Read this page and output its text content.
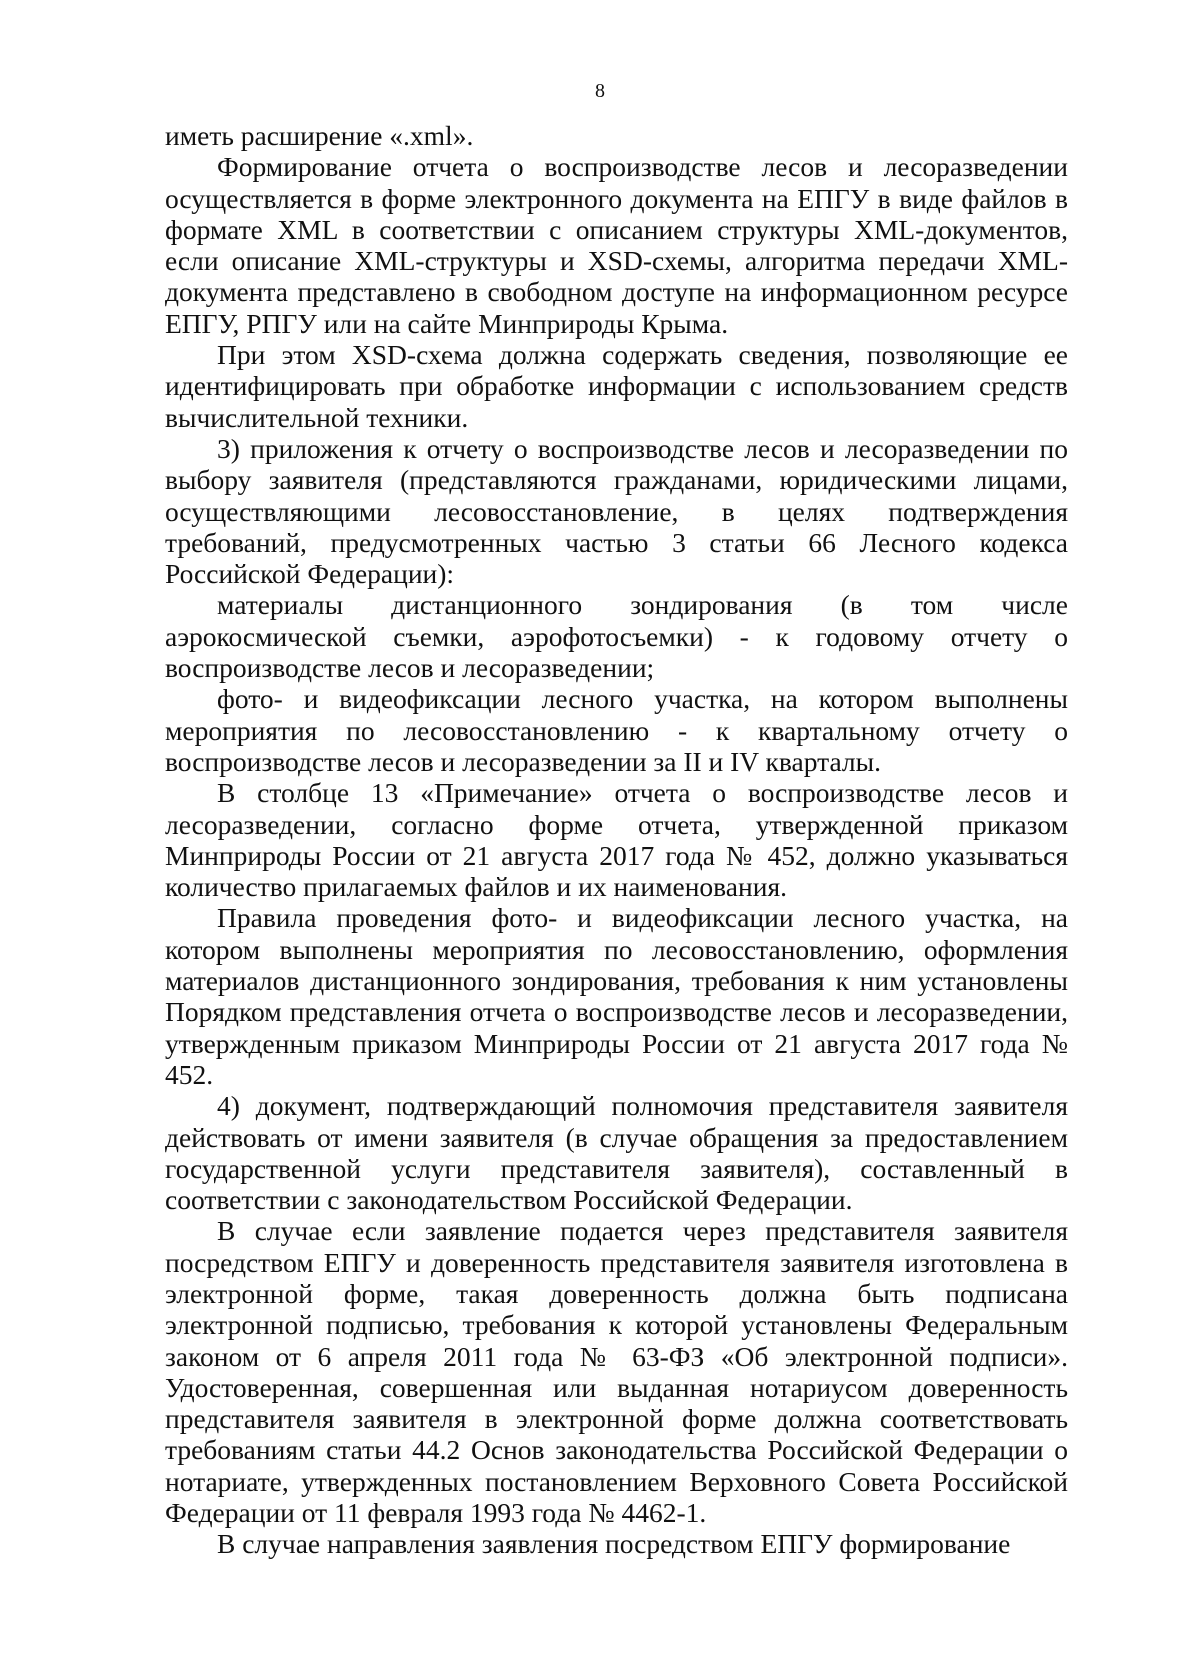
8

иметь расширение «.xml».

Формирование отчета о воспроизводстве лесов и лесоразведении осуществляется в форме электронного документа на ЕПГУ в виде файлов в формате XML в соответствии с описанием структуры XML-документов, если описание XML-структуры и XSD-схемы, алгоритма передачи XML-документа представлено в свободном доступе на информационном ресурсе ЕПГУ, РПГУ или на сайте Минприроды Крыма.

При этом XSD-схема должна содержать сведения, позволяющие ее идентифицировать при обработке информации с использованием средств вычислительной техники.

3) приложения к отчету о воспроизводстве лесов и лесоразведении по выбору заявителя (представляются гражданами, юридическими лицами, осуществляющими лесовосстановление, в целях подтверждения требований, предусмотренных частью 3 статьи 66 Лесного кодекса Российской Федерации):

материалы дистанционного зондирования (в том числе аэрокосмической съемки, аэрофотосъемки) - к годовому отчету о воспроизводстве лесов и лесоразведении;

фото- и видеофиксации лесного участка, на котором выполнены мероприятия по лесовосстановлению - к квартальному отчету о воспроизводстве лесов и лесоразведении за II и IV кварталы.

В столбце 13 «Примечание» отчета о воспроизводстве лесов и лесоразведении, согласно форме отчета, утвержденной приказом Минприроды России от 21 августа 2017 года № 452, должно указываться количество прилагаемых файлов и их наименования.

Правила проведения фото- и видеофиксации лесного участка, на котором выполнены мероприятия по лесовосстановлению, оформления материалов дистанционного зондирования, требования к ним установлены Порядком представления отчета о воспроизводстве лесов и лесоразведении, утвержденным приказом Минприроды России от 21 августа 2017 года № 452.

4) документ, подтверждающий полномочия представителя заявителя действовать от имени заявителя (в случае обращения за предоставлением государственной услуги представителя заявителя), составленный в соответствии с законодательством Российской Федерации.

В случае если заявление подается через представителя заявителя посредством ЕПГУ и доверенность представителя заявителя изготовлена в электронной форме, такая доверенность должна быть подписана электронной подписью, требования к которой установлены Федеральным законом от 6 апреля 2011 года № 63-ФЗ «Об электронной подписи». Удостоверенная, совершенная или выданная нотариусом доверенность представителя заявителя в электронной форме должна соответствовать требованиям статьи 44.2 Основ законодательства Российской Федерации о нотариате, утвержденных постановлением Верховного Совета Российской Федерации от 11 февраля 1993 года № 4462-1.

В случае направления заявления посредством ЕПГУ формирование
